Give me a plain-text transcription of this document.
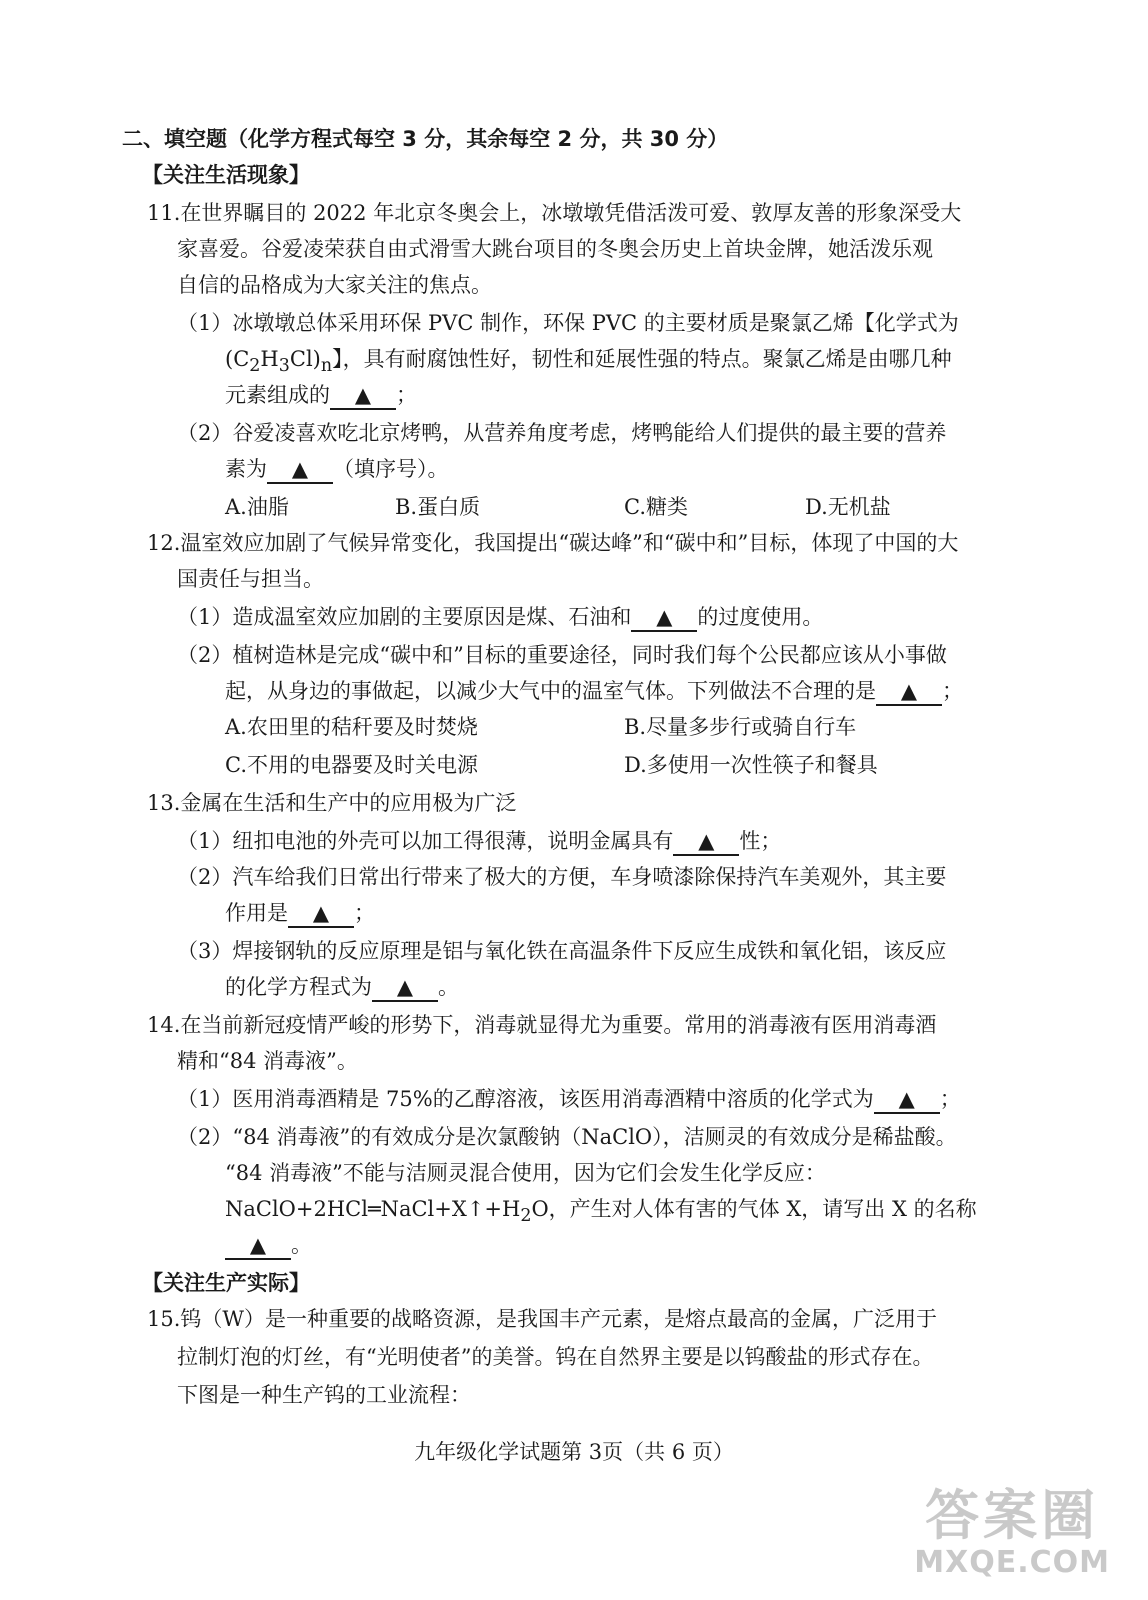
二、填空题（化学方程式每空 3 分，其余每空 2 分，共 30 分）
【关注生活现象】
11.在世界瞩目的 2022 年北京冬奥会上，冰墩墩凭借活泼可爱、敦厚友善的形象深受大
家喜爱。谷爱凌荣获自由式滑雪大跳台项目的冬奥会历史上首块金牌，她活泼乐观
自信的品格成为大家关注的焦点。
（1）冰墩墩总体采用环保 PVC 制作，环保 PVC 的主要材质是聚氯乙烯【化学式为
$(C_2H_3Cl)_n$】，具有耐腐蚀性好，韧性和延展性强的特点。聚氯乙烯是由哪几种
元素组成的 ▲ ；
（2）谷爱凌喜欢吃北京烤鸭，从营养角度考虑，烤鸭能给人们提供的最主要的营养
素为 ▲ （填序号）。
A.油脂	B.蛋白质	C.糖类	D.无机盐
12.温室效应加剧了气候异常变化，我国提出“碳达峰”和“碳中和”目标，体现了中国的大
国责任与担当。
（1）造成温室效应加剧的主要原因是煤、石油和 ▲ 的过度使用。
（2）植树造林是完成“碳中和”目标的重要途径，同时我们每个公民都应该从小事做
起，从身边的事做起，以减少大气中的温室气体。下列做法不合理的是 ▲ ；
A.农田里的秸秆要及时焚烧	B.尽量多步行或骑自行车
C.不用的电器要及时关电源	D.多使用一次性筷子和餐具
13.金属在生活和生产中的应用极为广泛
（1）纽扣电池的外壳可以加工得很薄，说明金属具有 ▲ 性；
（2）汽车给我们日常出行带来了极大的方便，车身喷漆除保持汽车美观外，其主要
作用是 ▲ ；
（3）焊接钢轨的反应原理是铝与氧化铁在高温条件下反应生成铁和氧化铝，该反应
的化学方程式为 ▲ 。
14.在当前新冠疫情严峻的形势下，消毒就显得尤为重要。常用的消毒液有医用消毒酒
精和“84 消毒液”。
（1）医用消毒酒精是 75%的乙醇溶液，该医用消毒酒精中溶质的化学式为 ▲ ；
（2）“84 消毒液”的有效成分是次氯酸钠（NaClO），洁厕灵的有效成分是稀盐酸。
“84 消毒液”不能与洁厕灵混合使用，因为它们会发生化学反应：
$NaClO+2HCl═NaCl+X↑+H_2O$，产生对人体有害的气体 X，请写出 X 的名称
▲ 。
【关注生产实际】
15.钨（W）是一种重要的战略资源，是我国丰产元素，是熔点最高的金属，广泛用于
拉制灯泡的灯丝，有“光明使者”的美誉。钨在自然界主要是以钨酸盐的形式存在。
下图是一种生产钨的工业流程：
九年级化学试题第 3页（共 6 页）
答案圈
MXQE.COM
